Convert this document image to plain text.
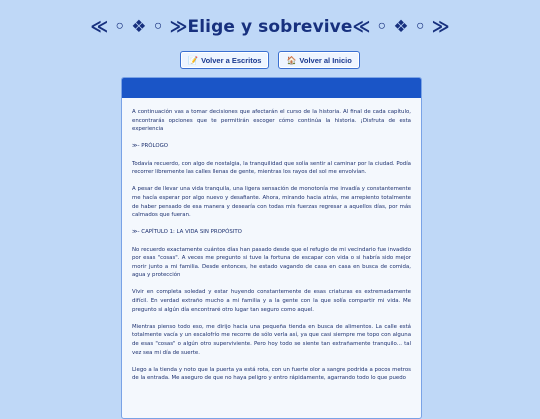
≪ ◦ ❖ ◦ ≫Elige y sobrevive≪ ◦ ❖ ◦ ≫
📝 Volver a Escritos	🏠 Volver al Inicio

A continuación vas a tomar decisiones que afectarán el curso de la historia. Al final de cada capítulo, encontrarás opciones que te permitirán escoger cómo continúa la historia. ¡Disfruta de esta experiencia

≫- PRÓLOGO

Todavía recuerdo, con algo de nostalgia, la tranquilidad que solía sentir al caminar por la ciudad. Podía recorrer libremente las calles llenas de gente, mientras los rayos del sol me envolvían.

A pesar de llevar una vida tranquila, una ligera sensación de monotonía me invadía y constantemente me hacía esperar por algo nuevo y desafiante. Ahora, mirando hacia atrás, me arrepiento totalmente de haber pensado de esa manera y desearía con todas mis fuerzas regresar a aquellos días, por más calmados que fueran.

≫- CAPÍTULO 1: LA VIDA SIN PROPÓSITO

No recuerdo exactamente cuántos días han pasado desde que el refugio de mi vecindario fue invadido por esas "cosas". A veces me pregunto si tuve la fortuna de escapar con vida o si habría sido mejor morir junto a mi familia. Desde entonces, he estado vagando de casa en casa en busca de comida, agua y protección

Vivir en completa soledad y estar huyendo constantemente de esas criaturas es extremadamente difícil. En verdad extraño mucho a mi familia y a la gente con la que solía compartir mi vida. Me pregunto si algún día encontraré otro lugar tan seguro como aquel.

Mientras pienso todo eso, me dirijo hacia una pequeña tienda en busca de alimentos. La calle está totalmente vacía y un escalofrío me recorre de sólo verla así, ya que casi siempre me topo con alguna de esas "cosas" o algún otro superviviente. Pero hoy todo se siente tan extrañamente tranquilo... tal vez sea mi día de suerte.

Llego a la tienda y noto que la puerta ya está rota, con un fuerte olor a sangre podrida a pocos metros de la entrada. Me aseguro de que no haya peligro y entro rápidamente, agarrando todo lo que puedo
